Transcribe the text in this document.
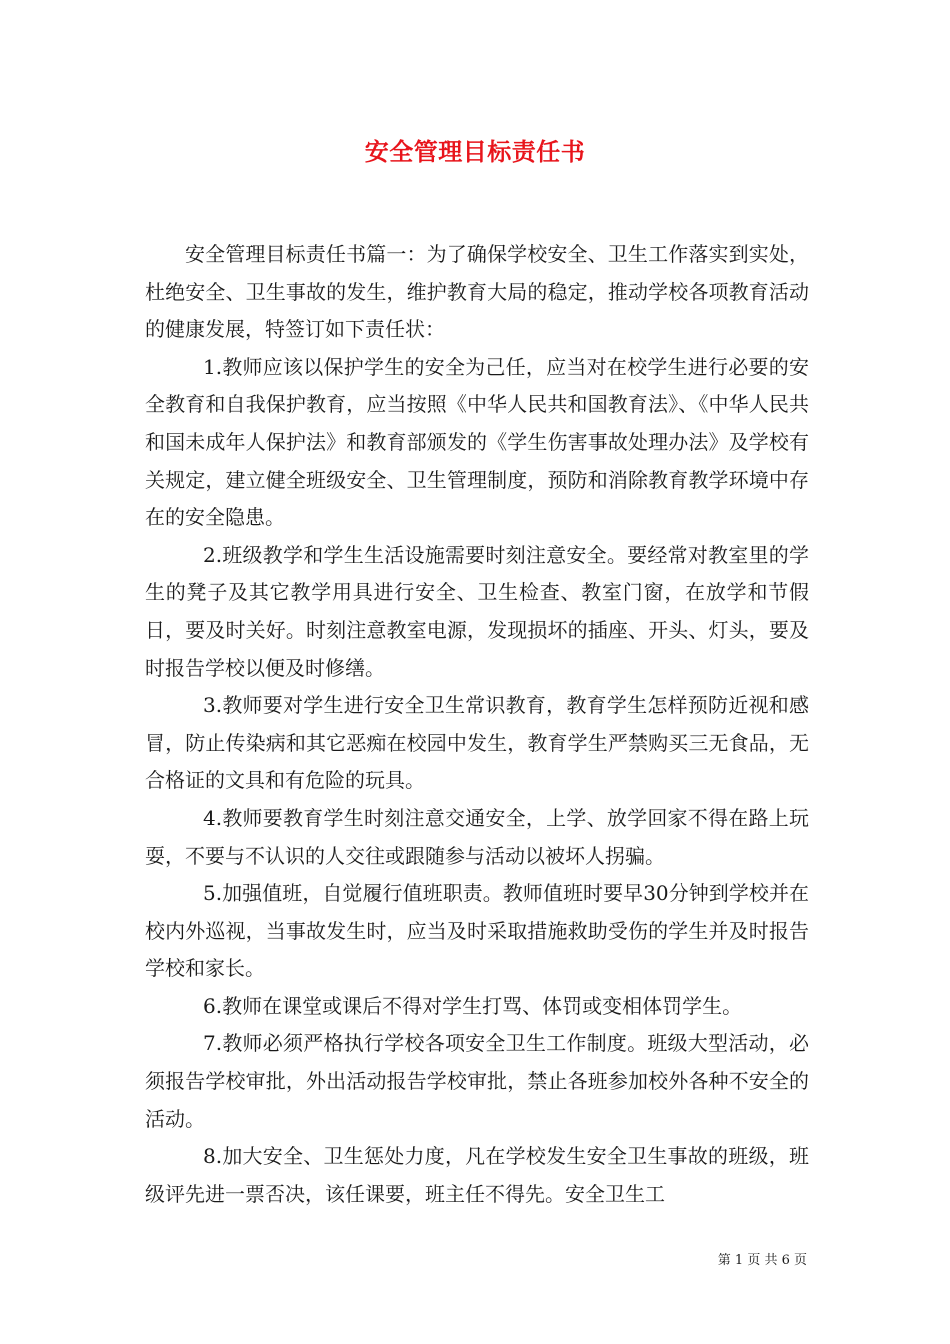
安全管理目标责任书

安全管理目标责任书篇一：为了确保学校安全、卫生工作落实到实处，杜绝安全、卫生事故的发生，维护教育大局的稳定，推动学校各项教育活动的健康发展，特签订如下责任状：

1.教师应该以保护学生的安全为己任，应当对在校学生进行必要的安全教育和自我保护教育，应当按照《中华人民共和国教育法》、《中华人民共和国未成年人保护法》和教育部颁发的《学生伤害事故处理办法》及学校有关规定，建立健全班级安全、卫生管理制度，预防和消除教育教学环境中存在的安全隐患。

2.班级教学和学生生活设施需要时刻注意安全。要经常对教室里的学生的凳子及其它教学用具进行安全、卫生检查、教室门窗，在放学和节假日，要及时关好。时刻注意教室电源，发现损坏的插座、开头、灯头，要及时报告学校以便及时修缮。

3.教师要对学生进行安全卫生常识教育，教育学生怎样预防近视和感冒，防止传染病和其它恶痴在校园中发生，教育学生严禁购买三无食品，无合格证的文具和有危险的玩具。

4.教师要教育学生时刻注意交通安全，上学、放学回家不得在路上玩耍，不要与不认识的人交往或跟随参与活动以被坏人拐骗。

5.加强值班，自觉履行值班职责。教师值班时要早30分钟到学校并在校内外巡视，当事故发生时，应当及时采取措施救助受伤的学生并及时报告学校和家长。

6.教师在课堂或课后不得对学生打骂、体罚或变相体罚学生。

7.教师必须严格执行学校各项安全卫生工作制度。班级大型活动，必须报告学校审批，外出活动报告学校审批，禁止各班参加校外各种不安全的活动。

8.加大安全、卫生惩处力度，凡在学校发生安全卫生事故的班级，班级评先进一票否决，该任课要，班主任不得先。安全卫生工

第 1 页 共 6 页
